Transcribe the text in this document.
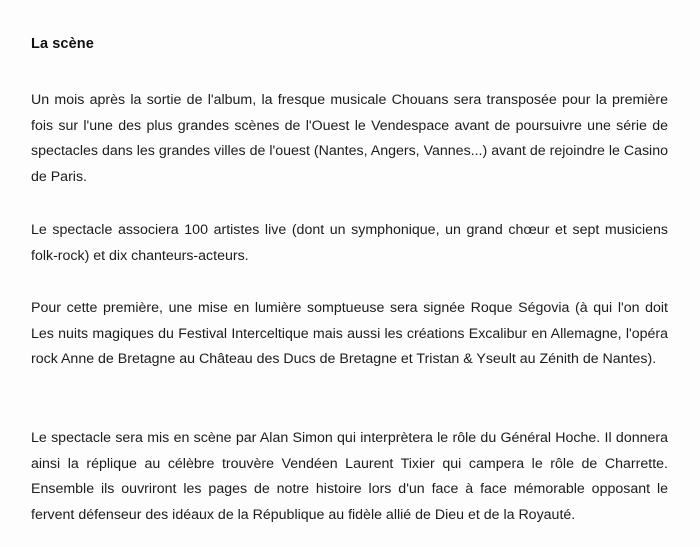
La scène
Un mois après la sortie de l'album, la fresque musicale Chouans sera transposée pour la première fois sur l'une des plus grandes scènes de l'Ouest le Vendespace avant de poursuivre une série de spectacles dans les grandes villes de l'ouest (Nantes, Angers, Vannes...) avant de rejoindre le Casino de Paris.
Le spectacle associera 100 artistes live (dont un symphonique, un grand chœur et sept musiciens folk-rock) et dix chanteurs-acteurs.
Pour cette première, une mise en lumière somptueuse sera signée Roque Ségovia (à qui l'on doit Les nuits magiques du Festival Interceltique mais aussi les créations Excalibur en Allemagne, l'opéra rock Anne de Bretagne au Château des Ducs de Bretagne et Tristan & Yseult au Zénith de Nantes).
Le spectacle sera mis en scène par Alan Simon qui interprètera le rôle du Général Hoche. Il donnera ainsi la réplique au célèbre trouvère Vendéen Laurent Tixier qui campera le rôle de Charrette. Ensemble ils ouvriront les pages de notre histoire lors d'un face à face mémorable opposant le fervent défenseur des idéaux de la République au fidèle allié de Dieu et de la Royauté.
